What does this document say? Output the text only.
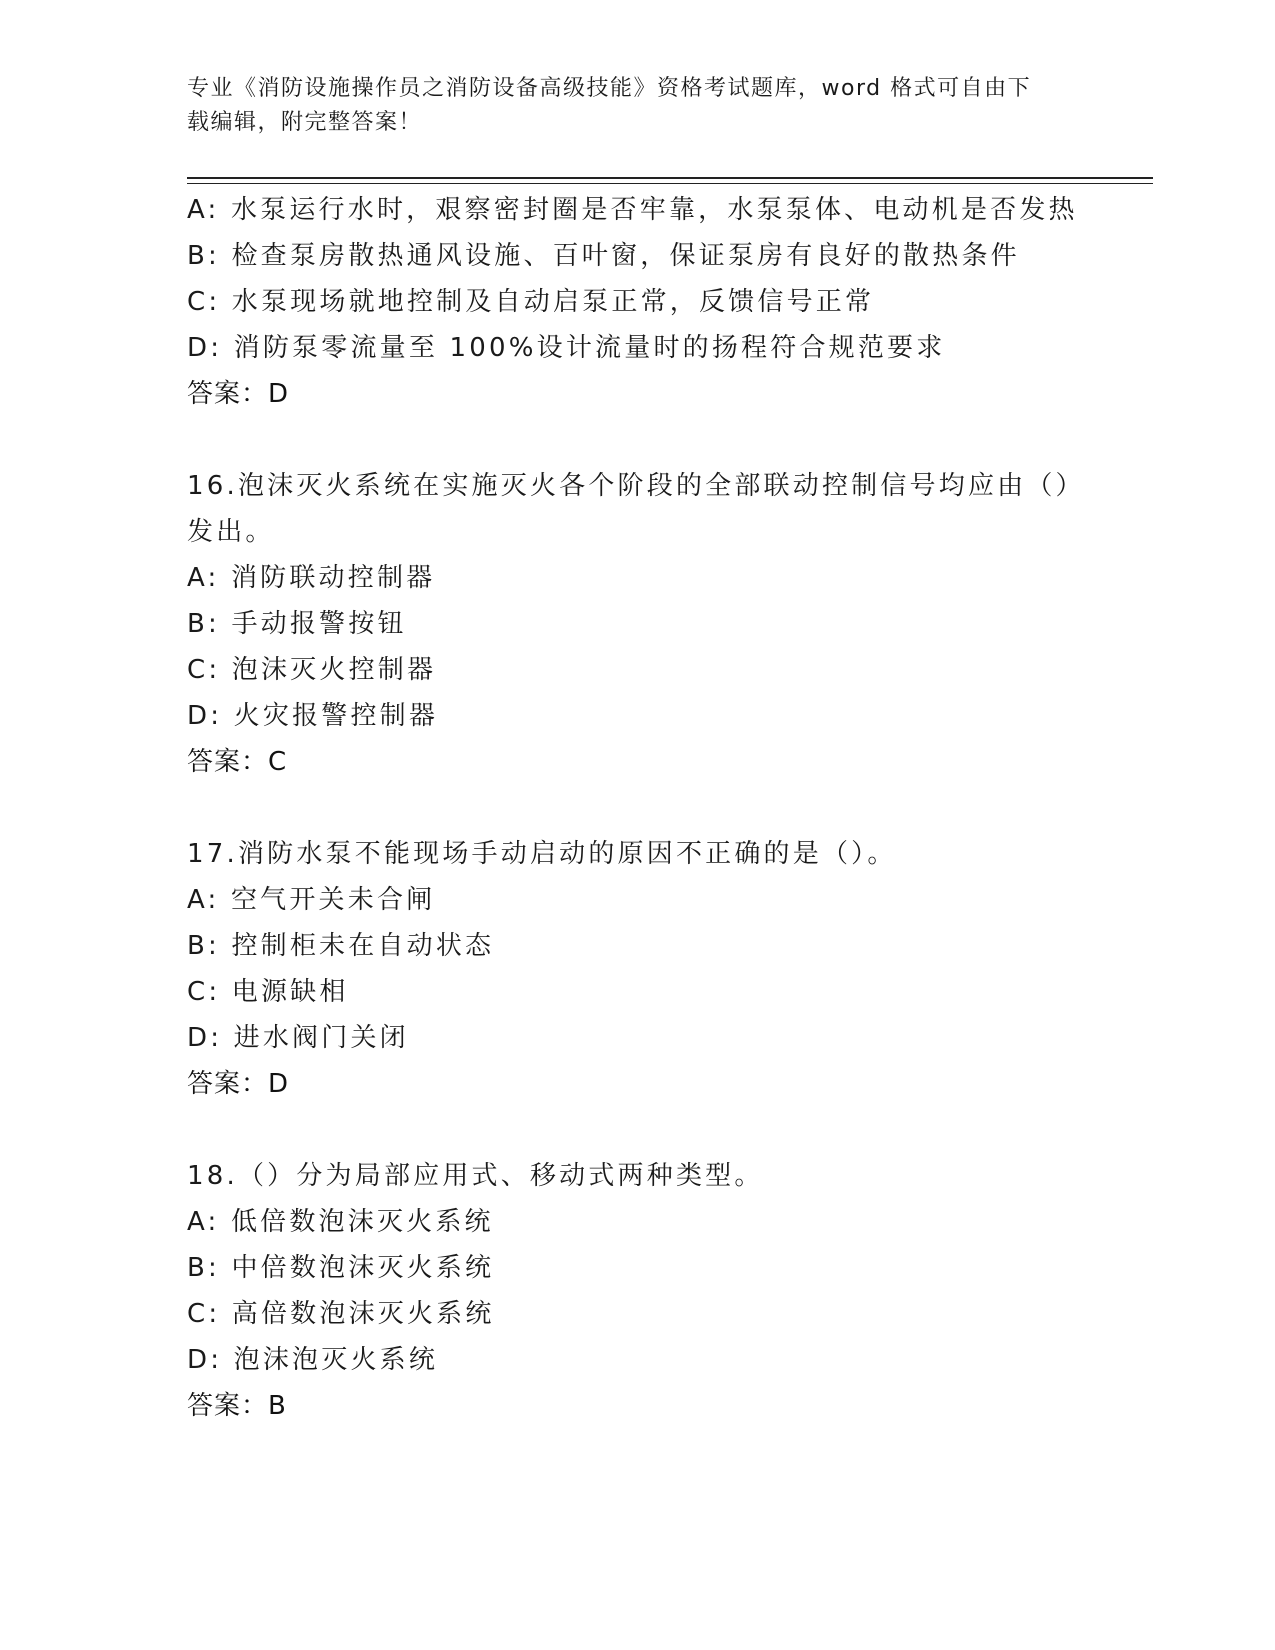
专业《消防设施操作员之消防设备高级技能》资格考试题库，word 格式可自由下
载编辑，附完整答案！
A: 水泵运行水时，艰察密封圈是否牢靠，水泵泵体、电动机是否发热
B: 检查泵房散热通风设施、百叶窗，保证泵房有良好的散热条件
C: 水泵现场就地控制及自动启泵正常，反馈信号正常
D: 消防泵零流量至 100%设计流量时的扬程符合规范要求
答案：D
16.泡沫灭火系统在实施灭火各个阶段的全部联动控制信号均应由（）
发出。
A: 消防联动控制器
B: 手动报警按钮
C: 泡沫灭火控制器
D: 火灾报警控制器
答案：C
17.消防水泵不能现场手动启动的原因不正确的是（）。
A: 空气开关未合闸
B: 控制柜未在自动状态
C: 电源缺相
D: 进水阀门关闭
答案：D
18.（）分为局部应用式、移动式两种类型。
A: 低倍数泡沫灭火系统
B: 中倍数泡沫灭火系统
C: 高倍数泡沫灭火系统
D: 泡沫泡灭火系统
答案：B
